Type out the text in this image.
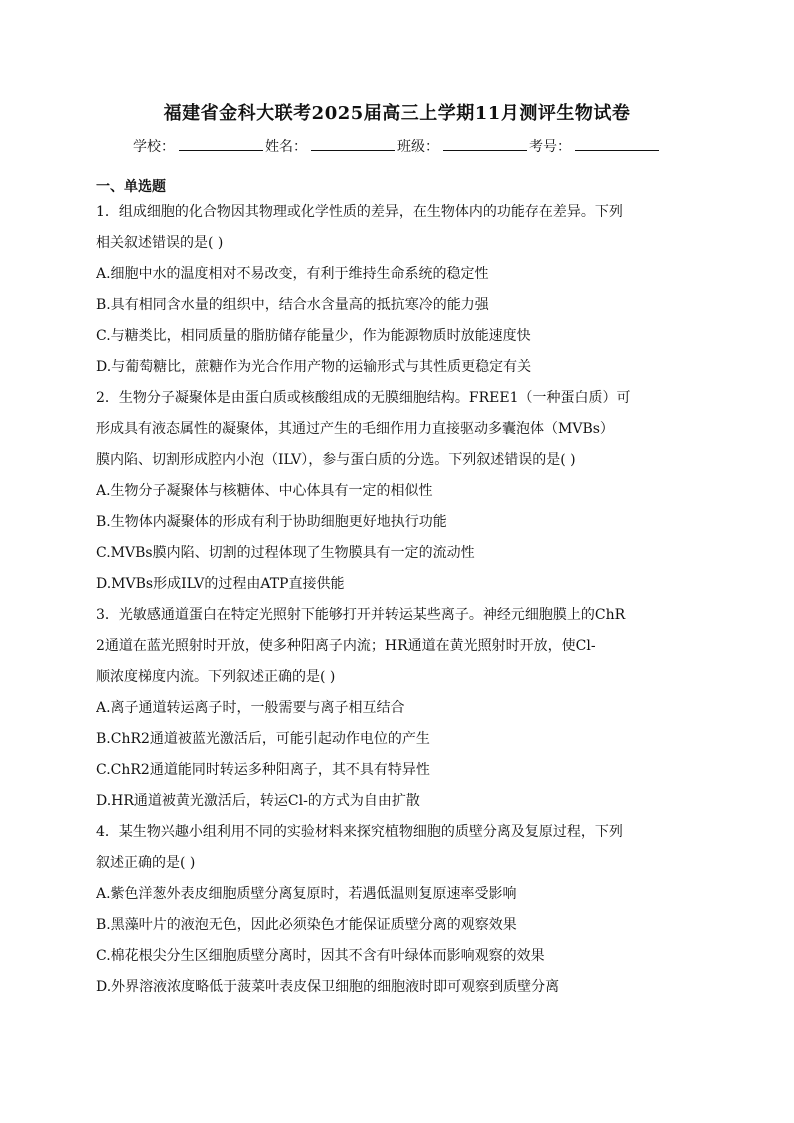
福建省金科大联考2025届高三上学期11月测评生物试卷
学校：	姓名：	班级：	考号：
一、单选题
1．组成细胞的化合物因其物理或化学性质的差异，在生物体内的功能存在差异。下列
相关叙述错误的是( )
A.细胞中水的温度相对不易改变，有利于维持生命系统的稳定性
B.具有相同含水量的组织中，结合水含量高的抵抗寒冷的能力强
C.与糖类比，相同质量的脂肪储存能量少，作为能源物质时放能速度快
D.与葡萄糖比，蔗糖作为光合作用产物的运输形式与其性质更稳定有关
2．生物分子凝聚体是由蛋白质或核酸组成的无膜细胞结构。FREE1（一种蛋白质）可
形成具有液态属性的凝聚体，其通过产生的毛细作用力直接驱动多囊泡体（MVBs）
膜内陷、切割形成腔内小泡（ILV），参与蛋白质的分选。下列叙述错误的是( )
A.生物分子凝聚体与核糖体、中心体具有一定的相似性
B.生物体内凝聚体的形成有利于协助细胞更好地执行功能
C.MVBs膜内陷、切割的过程体现了生物膜具有一定的流动性
D.MVBs形成ILV的过程由ATP直接供能
3．光敏感通道蛋白在特定光照射下能够打开并转运某些离子。神经元细胞膜上的ChR
2通道在蓝光照射时开放，使多种阳离子内流；HR通道在黄光照射时开放，使Cl-
顺浓度梯度内流。下列叙述正确的是( )
A.离子通道转运离子时，一般需要与离子相互结合
B.ChR2通道被蓝光激活后，可能引起动作电位的产生
C.ChR2通道能同时转运多种阳离子，其不具有特异性
D.HR通道被黄光激活后，转运Cl-的方式为自由扩散
4．某生物兴趣小组利用不同的实验材料来探究植物细胞的质壁分离及复原过程，下列
叙述正确的是( )
A.紫色洋葱外表皮细胞质壁分离复原时，若遇低温则复原速率受影响
B.黑藻叶片的液泡无色，因此必须染色才能保证质壁分离的观察效果
C.棉花根尖分生区细胞质壁分离时，因其不含有叶绿体而影响观察的效果
D.外界溶液浓度略低于菠菜叶表皮保卫细胞的细胞液时即可观察到质壁分离
